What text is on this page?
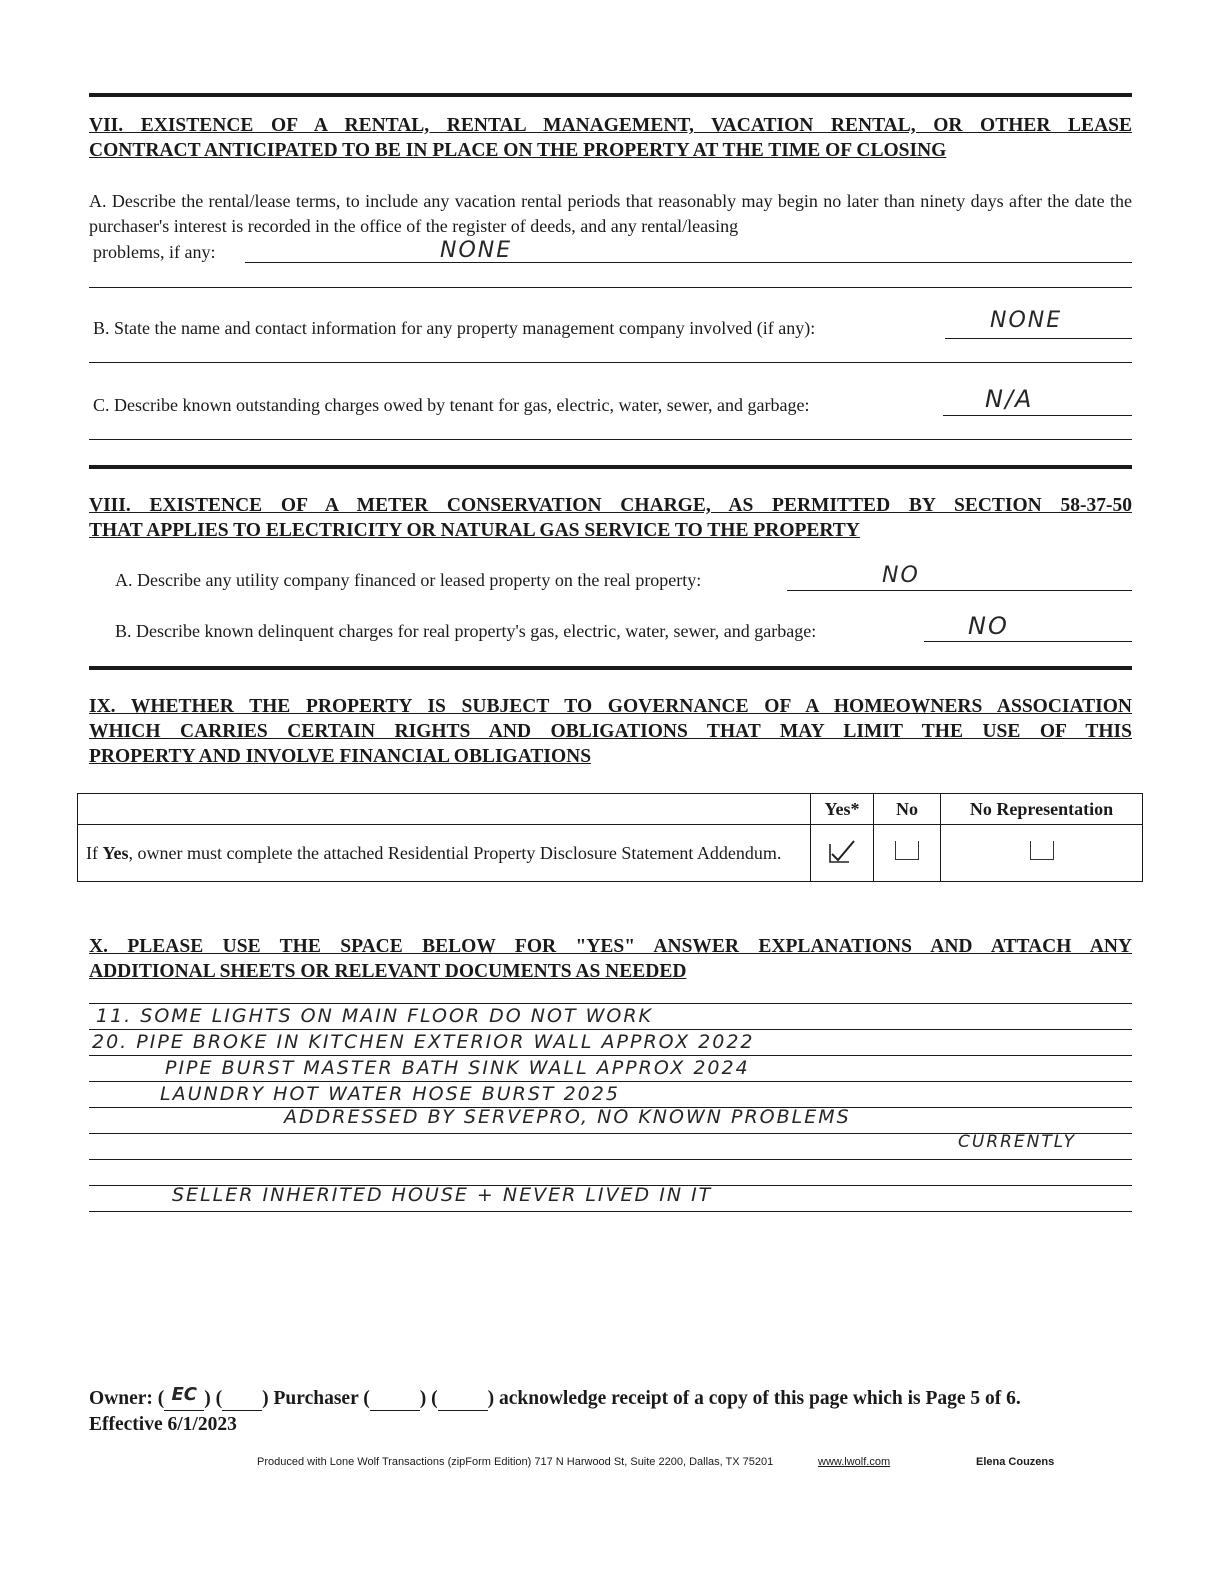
VII. EXISTENCE OF A RENTAL, RENTAL MANAGEMENT, VACATION RENTAL, OR OTHER LEASE
CONTRACT ANTICIPATED TO BE IN PLACE ON THE PROPERTY AT THE TIME OF CLOSING
A. Describe the rental/lease terms, to include any vacation rental periods that reasonably may begin no later than ninety days after the date the purchaser's interest is recorded in the office of the register of deeds, and any rental/leasing
problems, if any:	NONE
B. State the name and contact information for any property management company involved (if any):	NONE
C. Describe known outstanding charges owed by tenant for gas, electric, water, sewer, and garbage:	N/A
VIII. EXISTENCE OF A METER CONSERVATION CHARGE, AS PERMITTED BY SECTION 58-37-50
THAT APPLIES TO ELECTRICITY OR NATURAL GAS SERVICE TO THE PROPERTY
A. Describe any utility company financed or leased property on the real property:	NO
B. Describe known delinquent charges for real property's gas, electric, water, sewer, and garbage:	NO
IX. WHETHER THE PROPERTY IS SUBJECT TO GOVERNANCE OF A HOMEOWNERS ASSOCIATION
WHICH CARRIES CERTAIN RIGHTS AND OBLIGATIONS THAT MAY LIMIT THE USE OF THIS
PROPERTY AND INVOLVE FINANCIAL OBLIGATIONS
	Yes*	No	No Representation
If Yes, owner must complete the attached Residential Property Disclosure Statement Addendum.			
X. PLEASE USE THE SPACE BELOW FOR "YES" ANSWER EXPLANATIONS AND ATTACH ANY
ADDITIONAL SHEETS OR RELEVANT DOCUMENTS AS NEEDED
11. SOME LIGHTS ON MAIN FLOOR DO NOT WORK
20. PIPE BROKE IN KITCHEN EXTERIOR WALL APPROX 2022
PIPE BURST MASTER BATH SINK WALL APPROX 2024
LAUNDRY HOT WATER HOSE BURST 2025
ADDRESSED BY SERVEPRO, NO KNOWN PROBLEMS
CURRENTLY
SELLER INHERITED HOUSE + NEVER LIVED IN IT
Owner: ( EC ) ( ) Purchaser (	) (	) acknowledge receipt of a copy of this page which is Page 5 of 6.
Effective 6/1/2023
Produced with Lone Wolf Transactions (zipForm Edition) 717 N Harwood St, Suite 2200, Dallas, TX 75201	www.lwolf.com	Elena Couzens
